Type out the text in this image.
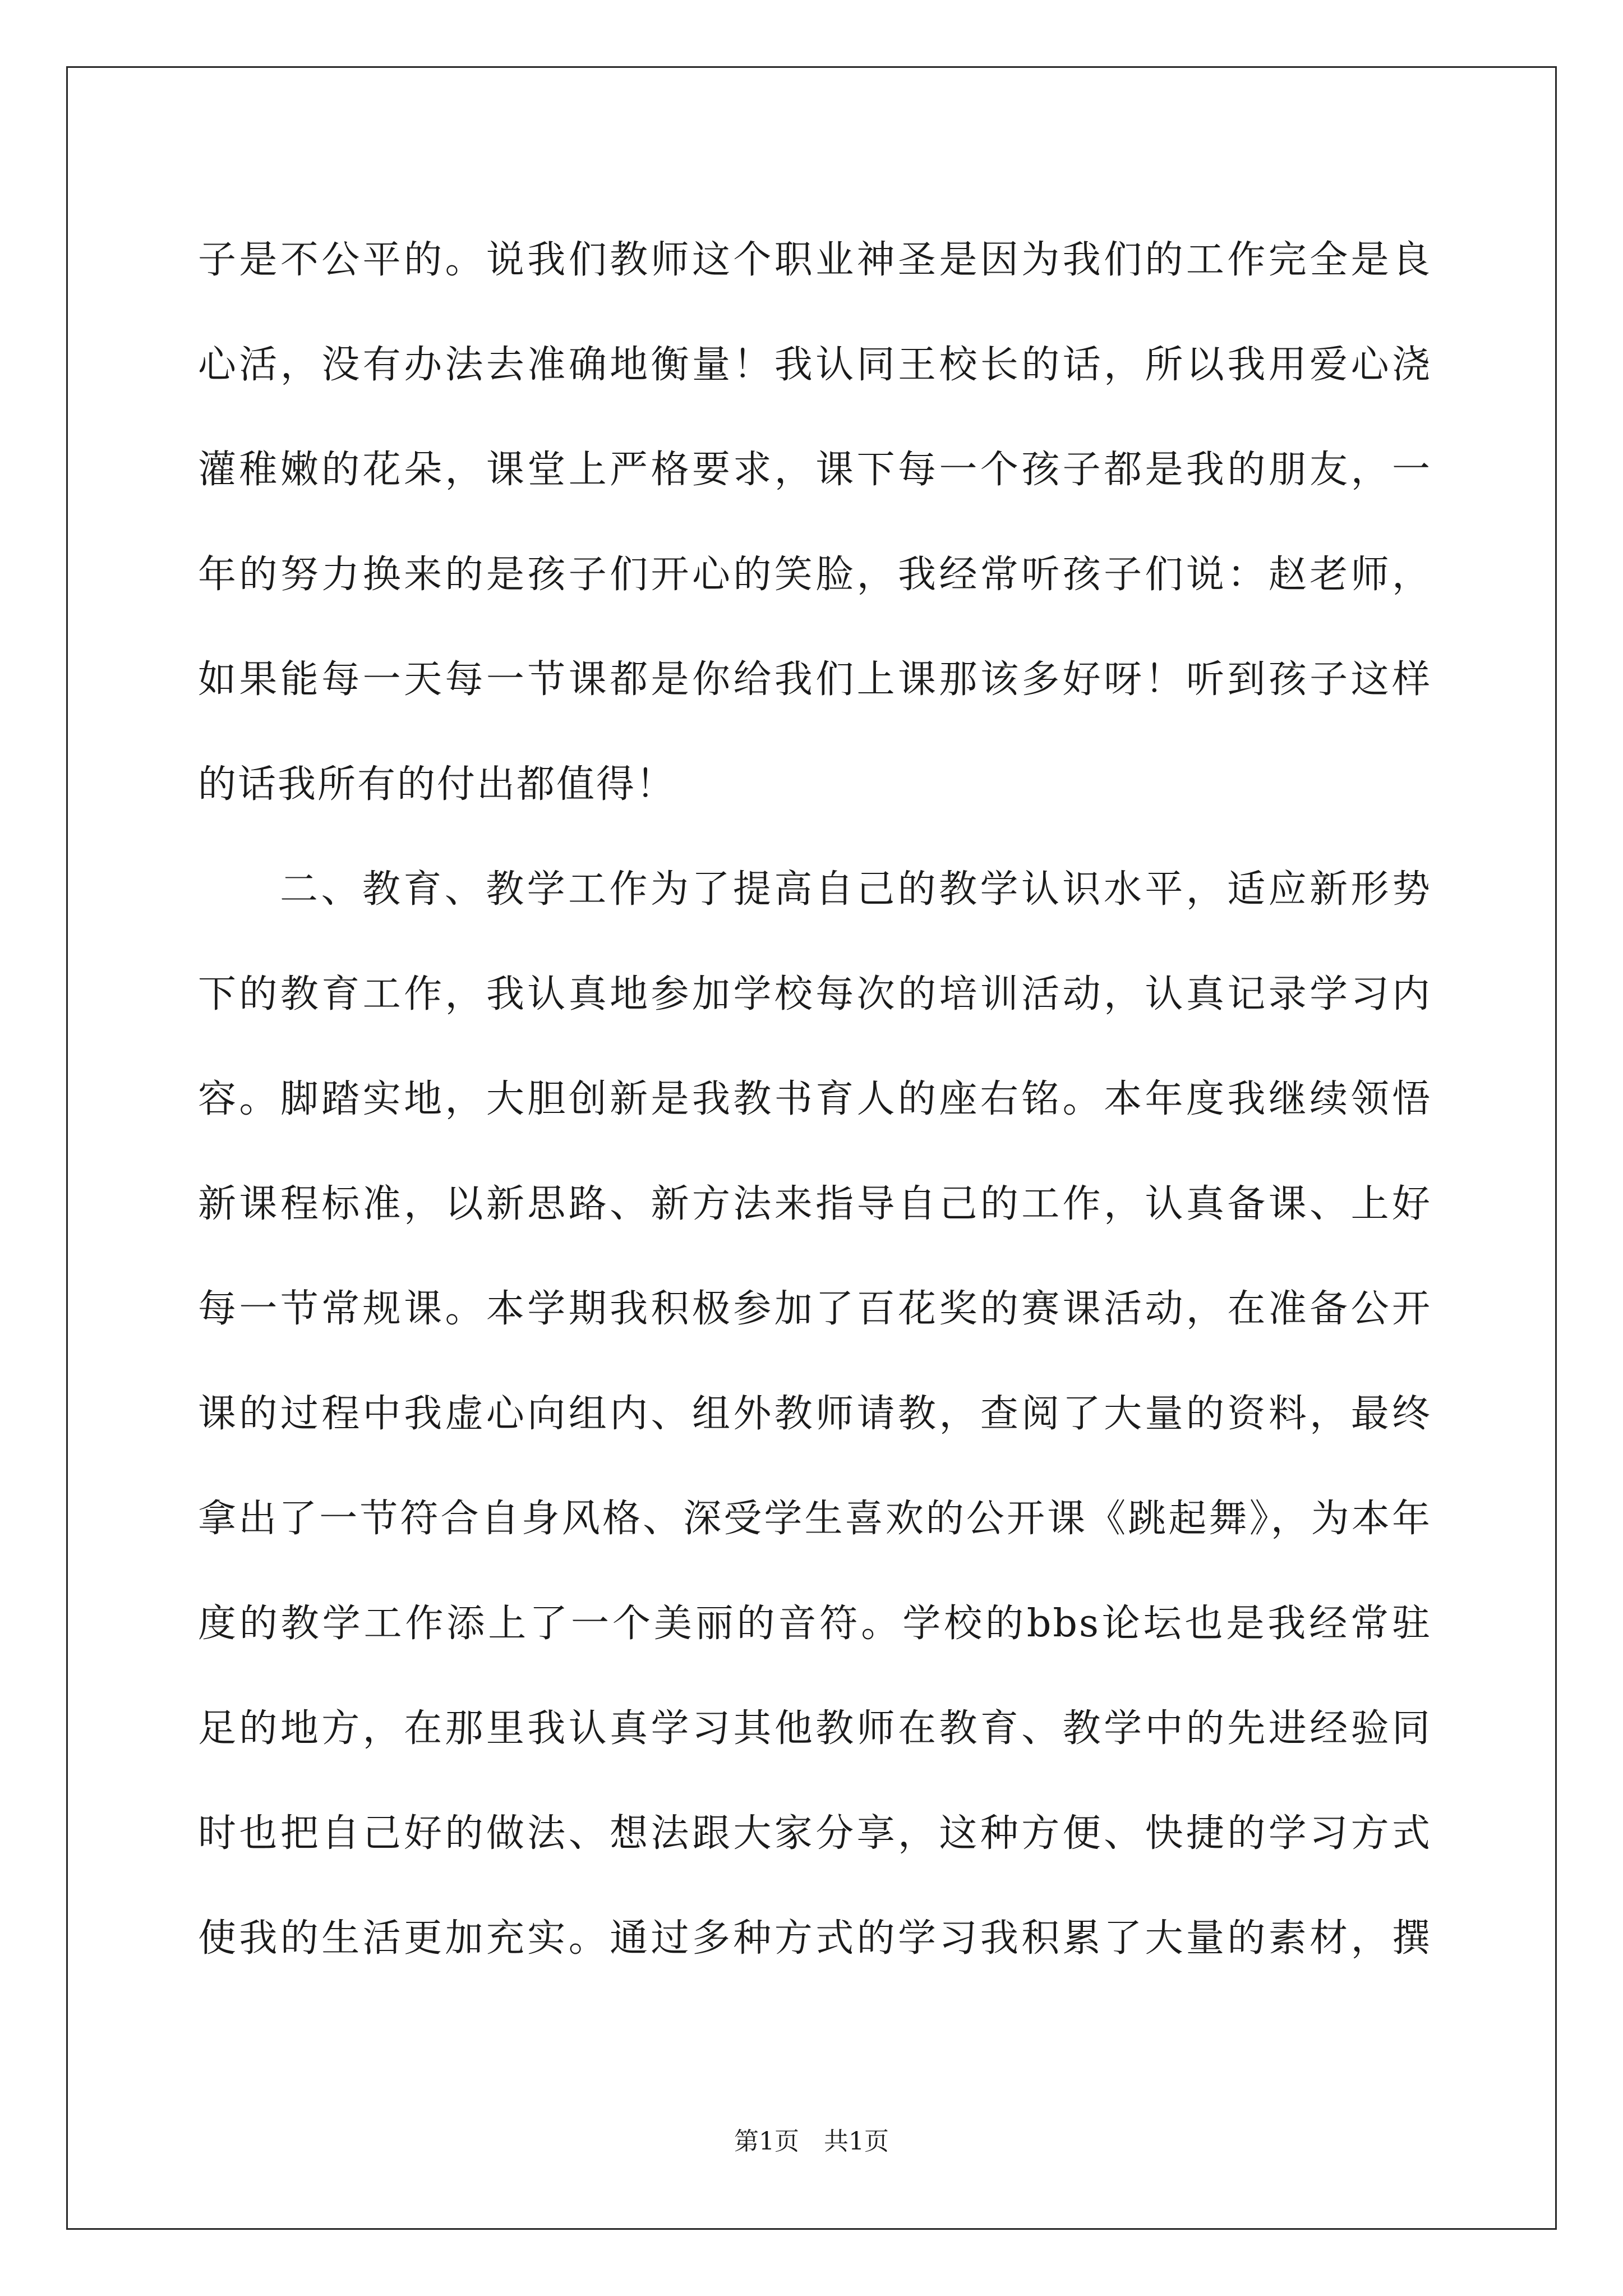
子是不公平的。说我们教师这个职业神圣是因为我们的工作完全是良
心活，没有办法去准确地衡量！我认同王校长的话，所以我用爱心浇
灌稚嫩的花朵，课堂上严格要求，课下每一个孩子都是我的朋友，一
年的努力换来的是孩子们开心的笑脸，我经常听孩子们说：赵老师，
如果能每一天每一节课都是你给我们上课那该多好呀！听到孩子这样
的话我所有的付出都值得！
二、教育、教学工作为了提高自己的教学认识水平，适应新形势
下的教育工作，我认真地参加学校每次的培训活动，认真记录学习内
容。脚踏实地，大胆创新是我教书育人的座右铭。本年度我继续领悟
新课程标准，以新思路、新方法来指导自己的工作，认真备课、上好
每一节常规课。本学期我积极参加了百花奖的赛课活动，在准备公开
课的过程中我虚心向组内、组外教师请教，查阅了大量的资料，最终
拿出了一节符合自身风格、深受学生喜欢的公开课《跳起舞》，为本年
度的教学工作添上了一个美丽的音符。学校的bbs论坛也是我经常驻
足的地方，在那里我认真学习其他教师在教育、教学中的先进经验同
时也把自己好的做法、想法跟大家分享，这种方便、快捷的学习方式
使我的生活更加充实。通过多种方式的学习我积累了大量的素材，撰
第1页 共1页
